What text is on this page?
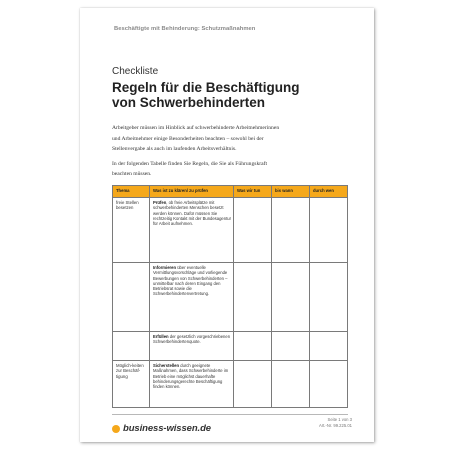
Beschäftigte mit Behinderung: Schutzmaßnahmen
Checkliste
Regeln für die Beschäftigung
von Schwerbehinderten

Arbeitgeber müssen im Hinblick auf schwerbehinderte Arbeitnehmerinnen
und Arbeitnehmer einige Besonderheiten beachten – sowohl bei der
Stellenvergabe als auch im laufenden Arbeitsverhältnis.

In der folgenden Tabelle finden Sie Regeln, die Sie als Führungskraft
beachten müssen.

Thema	Was ist zu klären/ zu prüfen	Was wir tun	bis wann	durch wen
freie Stellen besetzen	Prüfen, ob freie Arbeitsplätze mit schwerbehinderten Menschen besetzt werden können. Dafür müssen Sie rechtzeitig Kontakt mit der Bundesagentur für Arbeit aufnehmen.			
	Informieren über eventuelle Vermittlungsvorschläge und vorliegende Bewerbungen von Schwerbehinderten – unmittelbar nach deren Eingang den Betriebsrat sowie die Schwerbehindertenvertretung.			
	Erfüllen der gesetzlich vorgeschriebenen Schwerbehindertenquote.			
Möglich-keiten zur Beschäf-tigung	Sicherstellen durch geeignete Maßnahmen, dass Schwerbehinderte im Betrieb eine möglichst dauerhafte behinderungsgerechte Beschäftigung finden können.			
business-wissen.de
Seite 1 von 3
Art.-Nr. 99.225.01
